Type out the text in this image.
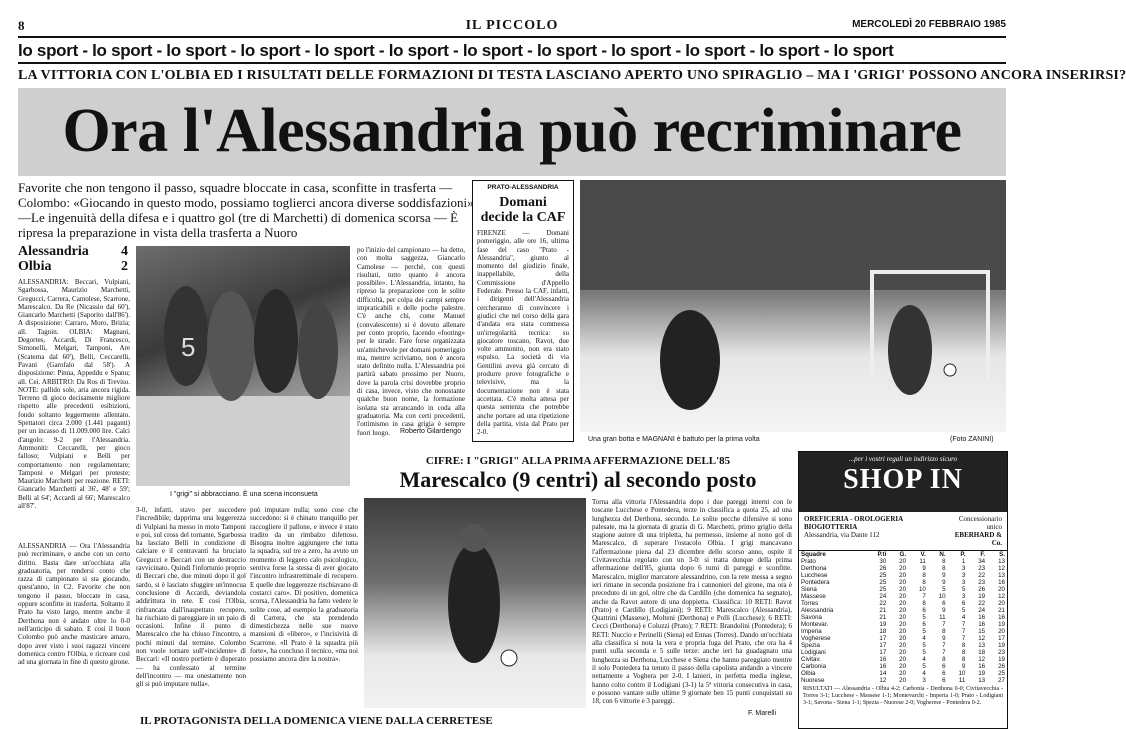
8	IL PICCOLO	MERCOLEDÌ 20 FEBBRAIO 1985
lo sport - lo sport - lo sport - lo sport - lo sport - lo sport - lo sport - lo sport - lo sport - lo sport - lo sport - lo sport
LA VITTORIA CON L'OLBIA ED I RISULTATI DELLE FORMAZIONI DI TESTA LASCIANO APERTO UNO SPIRAGLIO – MA I 'GRIGI' POSSONO ANCORA INSERIRSI?
Ora l'Alessandria può recriminare
Favorite che non tengono il passo, squadre bloccate in casa, sconfitte in trasferta — Colombo: «Giocando in questo modo, possiamo toglierci ancora diverse soddisfazioni» —Le ingenuità della difesa e i quattro gol (tre di Marchetti) di domenica scorsa — È ripresa la preparazione in vista della trasferta a Nuoro
Alessandria 4
Olbia	2
ALESSANDRIA: Beccari, Vulpiani, Sgarbossa, Maurizio Marchetti, Gregucci, Carrera, Camolese, Scarrone, Marescalco. Da Re (Nicassio dal 60'), Giancarlo Marchetti (Saporito dall'86'). A disposizione: Carraro, Moro, Brizia; all. Tagnin. OLBIA: Magnani, Degortes, Accardi, Di Francesco, Simonelli, Melgari, Tamponi, Are (Scaterna dal 60'), Belli, Ceccarelli, Pavani (Garofalo dal 58'). A disposizione: Pinna, Appeddu e Spanu; all. Cei. ARBITRO: Da Ros di Treviso. NOTE: pallido sole, aria ancora rigida. Terreno di gioco decisamente migliore rispetto alle precedenti esibizioni, fondo soltanto leggermente allentato. Spettatori circa 2.000 (1.441 paganti) per un incasso di 11.009.000 lire. Calci d'angolo: 9-2 per l'Alessandria. Ammoniti: Ceccarelli, per gioco falloso; Vulpiani e Belli per comportamento non regolamentare; Tamponi e Melgari per proteste; Maurizio Marchetti per reazione. RETI: Giancarlo Marchetti al 36', 48' e 59'; Belli al 64'; Accardi al 66'; Marescalco all'87'.
ALESSANDRIA — Ora l'Alessandria può recriminare, e anche con un certo diritto. Basta dare un'occhiata alla graduatoria, per rendersi conto che razza di campionato si sta giocando, quest'anno, in C2. Favorite che non tengono il passo, bloccate in casa, oppure sconfitte in trasferta. Soltanto il Prato ha visto largo, mentre anche il Derthona non è andato oltre lo 0-0 nell'anticipo di sabato. E così il buon Colombo può anche masticare amaro, dopo aver visto i suoi ragazzi vincere domenica contro l'Olbia, e ricreare così ad una giornata in fine di questo girone.
5
I "grigi" si abbracciano. È una scena inconsueta
po l'inizio del campionato — ha detto, con molta saggezza, Giancarlo Camolese — perché, con questi risultati, tutto quanto è ancora possibile». L'Alessandria, intanto, ha ripreso la preparazione con le solite difficoltà, per colpa dei campi sempre impraticabili e delle poche palestre. C'è anche chi, come Manuel (convalescente) si è dovuto allenare per conto proprio, facendo «footing» per le strade. Fare forse organizzata un'amichevole per domani pomeriggio ma, mentre scriviamo, non è ancora stato definito nulla. L'Alessandria poi partirà sabato prossimo per Nuoro, dove la parola crisi dovrebbe proprio di casa, invece, visto che nonostante qualche buon nome, la formazione isolana sta arrancando in coda alla graduatoria. Ma con certi precedenti, l'ottimismo in casa grigia è sempre fuori luogo.	Roberto Gilardengo
PRATO-ALESSANDRIA
Domani decide la CAF
FIRENZE — Domani pomeriggio, alle ore 16, ultima fase del caso "Prato - Alessandria", giunto al momento del giudizio finale, inappellabile, della Commissione d'Appello Federale. Presso la CAF, infatti, i dirigenti dell'Alessandria cercheranno di convincere i giudici che nel corso della gara d'andata era stata commessa un'irregolarità tecnica: su giocatore toscano, Ravot, due volte ammonito, non era stato espulso. La società di via Gentilini aveva già cercato di produrre prove fotografiche e televisive, ma la documentazione non è stata accettata. C'è molta attesa per questa sentenza che potrebbe anche portare ad una ripetizione della partita, vista dal Prato per 2-0.
Una gran botta e MAGNANI è battuto per la prima volta	(Foto ZANINI)
CIFRE: I "GRIGI" ALLA PRIMA AFFERMAZIONE DELL'85
Marescalco (9 centri) al secondo posto
3-0, infatti, stavo per succedere l'incredibile; dapprima una leggerezza di Vulpiani ha messo in moto Tamponi e poi, sul cross del tornante, Sgarbossa ha lasciato Belli in condizione di calciare e il centravanti ha bruciato Gregucci e Beccari con un destraccio ravvicinato. Quindi l'infortunio proprio di Beccari che, due minuti dopo il gol sardo, si è lasciato sfuggire un'innocua conclusione di Accardi, deviandola addirittura in rete. E così l'Olbia, rinfrancata dall'inaspettato recupero, ha rischiato di pareggiare in un paio di occasioni. Infine il punto di Marescalco che ha chiuso l'incontro, a pochi minuti dal termine. Colombo non vuole tornare sull'«incidente» di Beccari: «Il nostro portiere è disperato — ha confessato al termine dell'incontro — ma onestamente non gli si può imputare nulla».
può imputare nulla; sono cose che succedono: si è chinato tranquillo per raccogliere il pallone, e invece è stato tradito da un rimbalzo difettoso. Bisogna inoltre aggiungere che tutta la squadra, sul tre a zero, ha avuto un momento di leggero calo psicologico, sentiva forse la stessa di aver giocato l'incontro infrastrettimale di recupero. E quelle due leggerezze rischiavano di costarci caro». Di positivo, domenica scorsa, l'Alessandria ha fatto vedere le solite cose, ad esempio la graduatoria di Carrera, che sta prendendo dimestichezza nelle sue nuove mansioni di «libero», e l'incisività di Scarrone. «Il Prato è la squadra più forte», ha concluso il tecnico, «ma noi possiamo ancora dire la nostra».
Torna alla vittoria l'Alessandria dopo i due pareggi interni con le toscane Lucchese e Pontedera, terze in classifica a quota 25, ad una lunghezza del Derthona, secondo. Le solite pecche difensive si sono palesate, ma la giornata di grazia di G. Marchetti, primo griglio della stagione autore di una tripletta, ha permesso, insieme al nono gol di Marescalco, di superare l'ostacolo Olbia. I grigi mancavano l'affermazione piena dal 23 dicembre dello scorso anno, ospite il Civitavecchia regolato con un 3-0: si tratta dunque della prima affermazione dell'85, giunta dopo 6 turni di pareggi e sconfitte. Marescalco, miglior marcatore alessandrino, con la rete messa a segno ieri rimane in seconda posizione fra i cannonieri del girone, ma ora è preceduto di un gol, oltre che da Cardillo (che domenica ha segnato), anche da Ravot autore di una doppietta. Classifica: 10 RETI: Ravot (Prato) e Cardillo (Lodigiani); 9 RETI: Marescalco (Alessandria), Quattrini (Massese), Molteni (Derthona) e Polli (Lucchese); 6 RETI: Cecci (Derthona) e Coluzzi (Prato); 7 RETI: Brandolini (Pontedera); 6 RETI: Nuccio e Perinelli (Siena) ed Ennas (Torres). Dando un'occhiata alla classifica si nota la vera e propria fuga del Prato, che ora ha 4 punti sulla seconda e 5 sulle terze: anche ieri ha guadagnato una lunghezza su Derthona, Lucchese e Siena che hanno pareggiato mentre il solo Pontedera ha tenuto il passo della capolista andando a vincere nettamente a Voghera per 2-0. I lanieri, in perfetta media inglese, hanno colto contro il Lodigiani (3-1) la 5ª vittoria consecutiva in casa, e possono vantare sulle ultime 9 giornate ben 15 punti conquistati su 18, con 6 vittorie e 3 pareggi.
F. Marelli
...per i vostri regali un indirizzo sicuro
SHOP IN
OREFICERIA - OROLOGERIA BIOGIOTTERIA
Alessandria, via Dante 112
Concessionario unico
EBERHARD & Co.
Squadre	P.ti	G.	V.	N.	P.	F.	S.
Prato	30	20	11	8	1	34	13
Derthona	26	20	9	8	3	23	12
Lucchese	25	20	8	9	3	22	13
Pontedera	25	20	8	9	3	23	16
Siena	25	20	10	5	5	26	20
Massese	24	20	7	10	3	19	12
Torres	22	20	8	6	6	22	20
Alessandria	21	20	6	9	5	24	21
Savona	21	20	5	11	4	16	16
Montevar.	19	20	6	7	7	16	19
Imperia	18	20	5	8	7	15	20
Vogherese	17	20	4	9	7	12	17
Spezia	17	20	5	7	8	13	19
Lodigiani	17	20	5	7	8	18	23
Civitav.	16	20	4	8	8	12	19
Carbonia	16	20	5	6	9	16	26
Olbia	14	20	4	6	10	19	25
Nuorese	12	20	3	6	11	13	27
RISULTATI — Alessandria - Olbia 4-2; Carbonia - Derthona 0-0; Civitavecchia - Torres 3-1; Lucchese - Massese 1-1; Montevarchi - Imperia 1-0; Prato - Lodigiani 3-1; Savona - Siena 1-1; Spezia - Nuorese 2-0; Vogherese - Pontedera 0-2.
IL PROTAGONISTA DELLA DOMENICA VIENE DALLA CERRETESE
